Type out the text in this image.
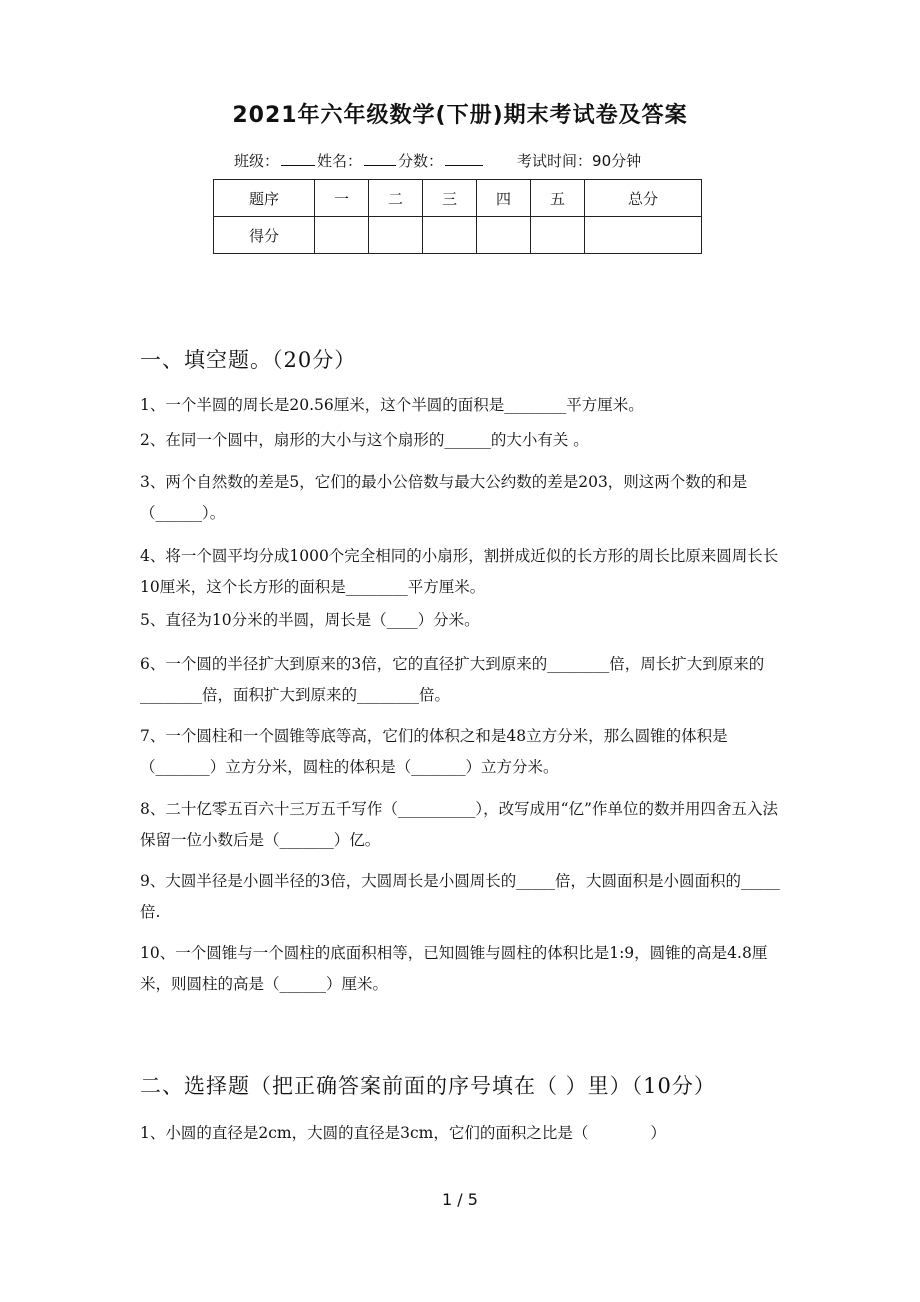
2021年六年级数学(下册)期末考试卷及答案
班级：	姓名： 分数：	考试时间：90分钟
题序	一	二	三	四	五	总分
得分						
一、填空题。（20分）
1、一个半圆的周长是20.56厘米，这个半圆的面积是________平方厘米。
2、在同一个圆中，扇形的大小与这个扇形的______的大小有关 。
3、两个自然数的差是5，它们的最小公倍数与最大公约数的差是203，则这两个数的和是（______）。
4、将一个圆平均分成1000个完全相同的小扇形，割拼成近似的长方形的周长比原来圆周长长10厘米，这个长方形的面积是________平方厘米。
5、直径为10分米的半圆，周长是（____）分米。
6、一个圆的半径扩大到原来的3倍，它的直径扩大到原来的________倍，周长扩大到原来的________倍，面积扩大到原来的________倍。
7、一个圆柱和一个圆锥等底等高，它们的体积之和是48立方分米，那么圆锥的体积是（_______）立方分米，圆柱的体积是（_______）立方分米。
8、二十亿零五百六十三万五千写作（__________），改写成用“亿”作单位的数并用四舍五入法保留一位小数后是（_______）亿。
9、大圆半径是小圆半径的3倍，大圆周长是小圆周长的_____倍，大圆面积是小圆面积的_____倍.
10、一个圆锥与一个圆柱的底面积相等，已知圆锥与圆柱的体积比是1:9，圆锥的高是4.8厘米，则圆柱的高是（______）厘米。
二、选择题（把正确答案前面的序号填在（ ）里）（10分）
1、小圆的直径是2cm，大圆的直径是3cm，它们的面积之比是（　　　　）
1 / 5
